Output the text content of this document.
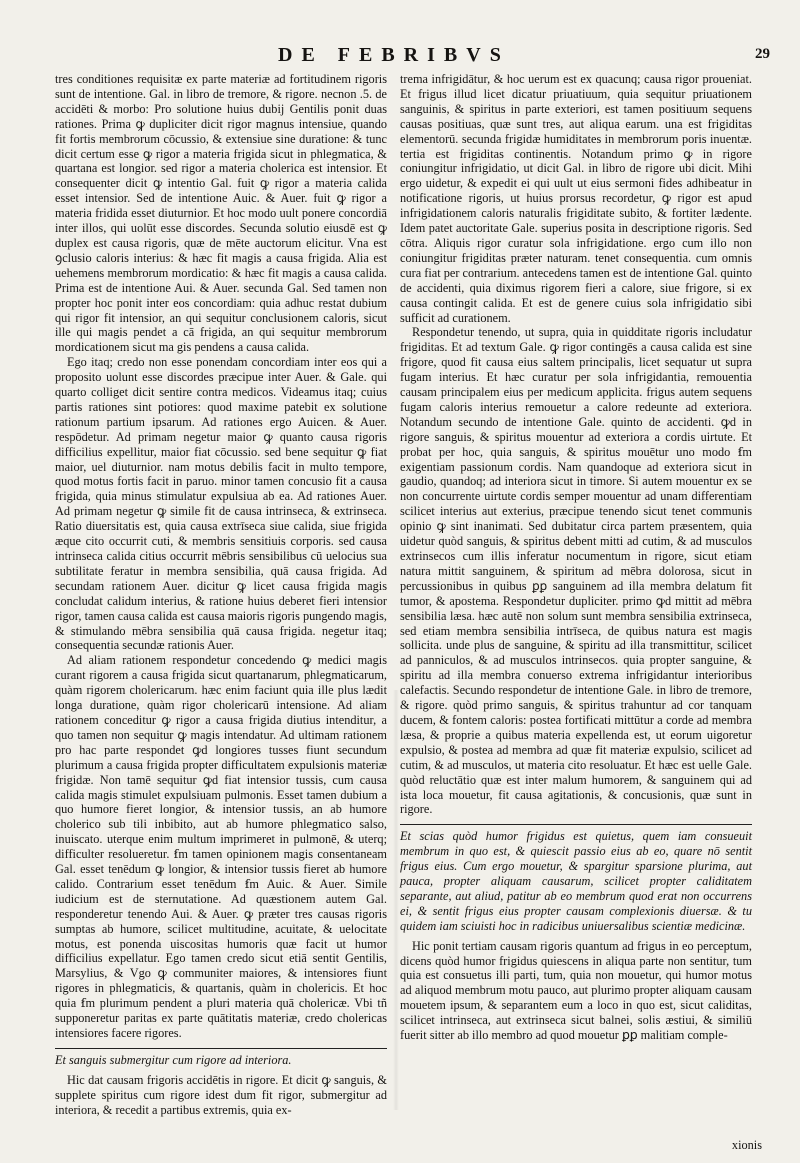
DE FEBRIBVS	29

tres conditiones requisitæ ex parte materiæ ad fortitudinem rigoris sunt de intentione. Gal. in libro de tremore, & rigore. necnon .5. de accidēti & morbo: Pro solutione huius dubij Gentilis ponit duas rationes. Prima ꝙ dupliciter dicit rigor magnus intensiue, quando fit fortis membrorum cōcussio, & extensiue sine duratione: & tunc dicit certum esse ꝙ rigor a materia frigida sicut in phlegmatica, & quartana est longior. sed rigor a materia cholerica est intensior. Et consequenter dicit ꝙ intentio Gal. fuit ꝙ rigor a materia calida esset intensior. Sed de intentione Auic. & Auer. fuit ꝙ rigor a materia fridida esset diuturnior. Et hoc modo uult ponere concordiā inter illos, qui uolūt esse discordes. Secunda solutio eiusdē est ꝙ duplex est causa rigoris, quæ de mēte auctorum elicitur. Vna est ꝯclusio caloris interius: & hæc fit magis a causa frigida. Alia est uehemens membrorum mordicatio: & hæc fit magis a causa calida. Prima est de intentione Aui. & Auer. secunda Gal. Sed tamen non propter hoc ponit inter eos concordiam: quia adhuc restat dubium qui rigor fit intensior, an qui sequitur conclusionem caloris, sicut ille qui magis pendet a cā frigida, an qui sequitur membrorum mordicationem sicut ma gis pendens a causa calida.

Ego itaq; credo non esse ponendam concordiam inter eos qui a proposito uolunt esse discordes præcipue inter Auer. & Gale. qui quarto colliget dicit sentire contra medicos. Videamus itaq; cuius partis rationes sint potiores: quod maxime patebit ex solutione rationum partium ipsarum. Ad rationes ergo Auicen. & Auer. respōdetur. Ad primam negetur maior ꝙ quanto causa rigoris difficilius expellitur, maior fiat cōcussio. sed bene sequitur ꝙ fiat maior, uel diuturnior. nam motus debilis facit in multo tempore, quod motus fortis facit in paruo. minor tamen concusio fit a causa frigida, quia minus stimulatur expulsiua ab ea. Ad rationes Auer. Ad primam negetur ꝙ simile fit de causa intrinseca, & extrinseca. Ratio diuersitatis est, quia causa extrīseca siue calida, siue frigida æque cito occurrit cuti, & membris sensitiuis corporis. sed causa intrinseca calida citius occurrit mēbris sensibilibus cū uelocius sua subtilitate feratur in membra sensibilia, quā causa frigida. Ad secundam rationem Auer. dicitur ꝙ licet causa frigida magis concludat calidum interius, & ratione huius deberet fieri intensior rigor, tamen causa calida est causa maioris rigoris pungendo magis, & stimulando mēbra sensibilia quā causa frigida. negetur itaq; consequentia secundæ rationis Auer.

Ad aliam rationem respondetur concedendo ꝙ medici magis curant rigorem a causa frigida sicut quartanarum, phlegmaticarum, quàm rigorem cholericarum. hæc enim faciunt quia ille plus lædit longa duratione, quàm rigor cholericarū intensione. Ad aliam rationem conceditur ꝙ rigor a causa frigida diutius intenditur, a quo tamen non sequitur ꝙ magis intendatur. Ad ultimam rationem pro hac parte respondet ꝙd longiores tusses fiunt secundum plurimum a causa frigida propter difficultatem expulsionis materiæ frigidæ. Non tamē sequitur ꝙd fiat intensior tussis, cum causa calida magis stimulet expulsiuam pulmonis. Esset tamen dubium a quo humore fieret longior, & intensior tussis, an ab humore cholerico sub tili inbibito, aut ab humore phlegmatico salso, inuiscato. uterque enim multum imprimeret in pulmonē, & uterq; difficulter resolueretur. ẜm tamen opinionem magis consentaneam Gal. esset tenēdum ꝙ longior, & intensior tussis fieret ab humore calido. Contrarium esset tenēdum ẜm Auic. & Auer. Simile iudicium est de sternutatione. Ad quæstionem autem Gal. responderetur tenendo Aui. & Auer. ꝙ præter tres causas rigoris sumptas ab humore, scilicet multitudine, acuitate, & uelocitate motus, est ponenda uiscositas humoris quæ facit ut humor difficilius expellatur. Ego tamen credo sicut etiā sentit Gentilis, Marsylius, & Vgo ꝙ communiter maiores, & intensiores fiunt rigores in phlegmaticis, & quartanis, quàm in cholericis. Et hoc quia ẜm plurimum pendent a pluri materia quā cholericæ. Vbi tñ supponeretur paritas ex parte quātitatis materiæ, credo cholericas intensiores facere rigores.

Et sanguis submergitur cum rigore ad interiora.

Hic dat causam frigoris accidētis in rigore. Et dicit ꝙ sanguis, & supplete spiritus cum rigore idest dum fit rigor, submergitur ad interiora, & recedit a partibus extremis, quia ex-

trema infrigidātur, & hoc uerum est ex quacunq; causa rigor proueniat. Et frigus illud licet dicatur priuatiuum, quia sequitur priuationem sanguinis, & spiritus in parte exteriori, est tamen positiuum sequens causas positiuas, quæ sunt tres, aut aliqua earum. una est frigiditas elementorū. secunda frigidæ humiditates in membrorum poris inuentæ. tertia est frigiditas continentis. Notandum primo ꝙ in rigore coniungitur infrigidatio, ut dicit Gal. in libro de rigore ubi dicit. Mihi ergo uidetur, & expedit ei qui uult ut eius sermoni fides adhibeatur in notificatione rigoris, ut huius prorsus recordetur, ꝙ rigor est apud infrigidationem caloris naturalis frigiditate subito, & fortiter lædente. Idem patet auctoritate Gale. superius posita in descriptione rigoris. Sed cōtra. Aliquis rigor curatur sola infrigidatione. ergo cum illo non coniungitur frigiditas præter naturam. tenet consequentia. cum omnis cura fiat per contrarium. antecedens tamen est de intentione Gal. quinto de accidenti, quia diximus rigorem fieri a calore, siue frigore, si ex causa contingit calida. Et est de genere cuius sola infrigidatio sibi sufficit ad curationem.

Respondetur tenendo, ut supra, quia in quidditate rigoris includatur frigiditas. Et ad textum Gale. ꝙ rigor contingēs a causa calida est sine frigore, quod fit causa eius saltem principalis, licet sequatur ut supra fugam interius. Et hæc curatur per sola infrigidantia, remouentia causam principalem eius per medicum applicita. frigus autem sequens fugam caloris interius remouetur a calore redeunte ad exteriora. Notandum secundo de intentione Gale. quinto de accidenti. ꝙd in rigore sanguis, & spiritus mouentur ad exteriora a cordis uirtute. Et probat per hoc, quia sanguis, & spiritus mouētur uno modo ẜm exigentiam passionum cordis. Nam quandoque ad exteriora sicut in gaudio, quandoq; ad interiora sicut in timore. Si autem mouentur ex se non concurrente uirtute cordis semper mouentur ad unam differentiam scilicet interius aut exterius, præcipue tenendo sicut tenet communis opinio ꝙ sint inanimati. Sed dubitatur circa partem præsentem, quia uidetur quòd sanguis, & spiritus debent mitti ad cutim, & ad musculos extrinsecos cum illis inferatur nocumentum in rigore, sicut etiam natura mittit sanguinem, & spiritum ad mēbra dolorosa, sicut in percussionibus in quibus ꝑꝑ sanguinem ad illa membra delatum fit tumor, & apostema. Respondetur dupliciter. primo ꝙd mittit ad mēbra sensibilia læsa. hæc autē non solum sunt membra sensibilia extrinseca, sed etiam membra sensibilia intrīseca, de quibus natura est magis sollicita. unde plus de sanguine, & spiritu ad illa transmittitur, scilicet ad panniculos, & ad musculos intrinsecos. quia propter sanguine, & spiritu ad illa membra conuerso extrema infrigidantur interioribus calefactis. Secundo respondetur de intentione Gale. in libro de tremore, & rigore. quòd primo sanguis, & spiritus trahuntur ad cor tanquam ducem, & fontem caloris: postea fortificati mittūtur a corde ad membra læsa, & proprie a quibus materia expellenda est, ut eorum uigoretur expulsio, & postea ad membra ad quæ fit materiæ expulsio, scilicet ad cutim, & ad musculos, ut materia cito resoluatur. Et hæc est uelle Gale. quòd reluctātio quæ est inter malum humorem, & sanguinem qui ad ista loca mouetur, fit causa agitationis, & concusionis, quæ sunt in rigore.

Et scias quòd humor frigidus est quietus, quem iam consueuit membrum in quo est, & quiescit passio eius ab eo, quare nō sentit frigus eius. Cum ergo mouetur, & spargitur sparsione plurima, aut pauca, propter aliquam causarum, scilicet propter caliditatem separante, aut aliud, patitur ab eo membrum quod erat non occurrens ei, & sentit frigus eius propter causam complexionis diuersæ. & tu quidem iam sciuisti hoc in radicibus uniuersalibus scientiæ medicinæ.

Hic ponit tertiam causam rigoris quantum ad frigus in eo perceptum, dicens quòd humor frigidus quiescens in aliqua parte non sentitur, tum quia est consuetus illi parti, tum, quia non mouetur, qui humor motus ad aliquod membrum motu pauco, aut plurimo propter aliquam causam mouetem ipsum, & separantem eum a loco in quo est, sicut caliditas, scilicet intrinseca, aut extrinseca sicut balnei, solis æstiui, & similiū fuerit sitter ab illo membro ad quod mouetur ꝑꝑ malitiam comple-

xionis
